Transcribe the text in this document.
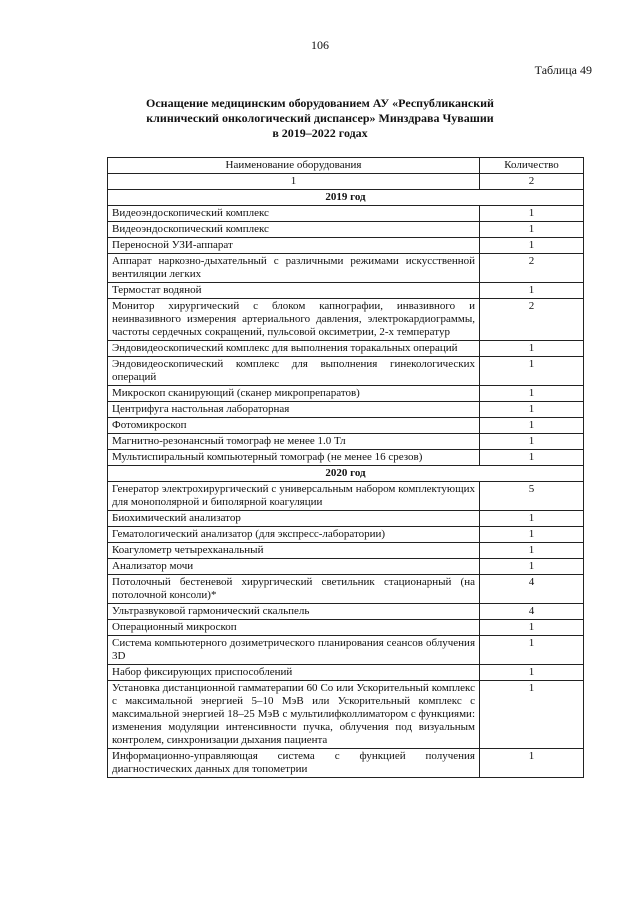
106
Таблица 49
Оснащение медицинским оборудованием АУ «Республиканский
клинический онкологический диспансер» Минздрава Чувашии
в 2019–2022 годах
Наименование оборудования	Количество
1	2
2019 год	
Видеоэндоскопический комплекс	1
Видеоэндоскопический комплекс	1
Переносной УЗИ-аппарат	1
Аппарат наркозно-дыхательный с различными режимами искусственной вентиляции легких	2
Термостат водяной	1
Монитор хирургический с блоком капнографии, инвазивного и неинвазивного измерения артериального давления, электрокардиограммы, частоты сердечных сокращений, пульсовой оксиметрии, 2-х температур	2
Эндовидеоскопический комплекс для выполнения торакальных операций	1
Эндовидеоскопический комплекс для выполнения гинекологических операций	1
Микроскоп сканирующий (сканер микропрепаратов)	1
Центрифуга настольная лабораторная	1
Фотомикроскоп	1
Магнитно-резонансный томограф не менее 1.0 Тл	1
Мультиспиральный компьютерный томограф (не менее 16 срезов)	1
2020 год	
Генератор электрохирургический с универсальным набором комплектующих для монополярной и биполярной коагуляции	5
Биохимический анализатор	1
Гематологический анализатор (для экспресс-лаборатории)	1
Коагулометр четырехканальный	1
Анализатор мочи	1
Потолочный бестеневой хирургический светильник стационарный (на потолочной консоли)*	4
Ультразвуковой гармонический скальпель	4
Операционный микроскоп	1
Система компьютерного дозиметрического планирования сеансов облучения 3D	1
Набор фиксирующих приспособлений	1
Установка дистанционной гамматерапии 60 Со или Ускорительный комплекс с максимальной энергией 5–10 МэВ или Ускорительный комплекс с максимальной энергией 18–25 МэВ с мультилифколлиматором с функциями: изменения модуляции интенсивности пучка, облучения под визуальным контролем, синхронизации дыхания пациента	1
Информационно-управляющая система с функцией получения диагностических данных для топометрии	1
